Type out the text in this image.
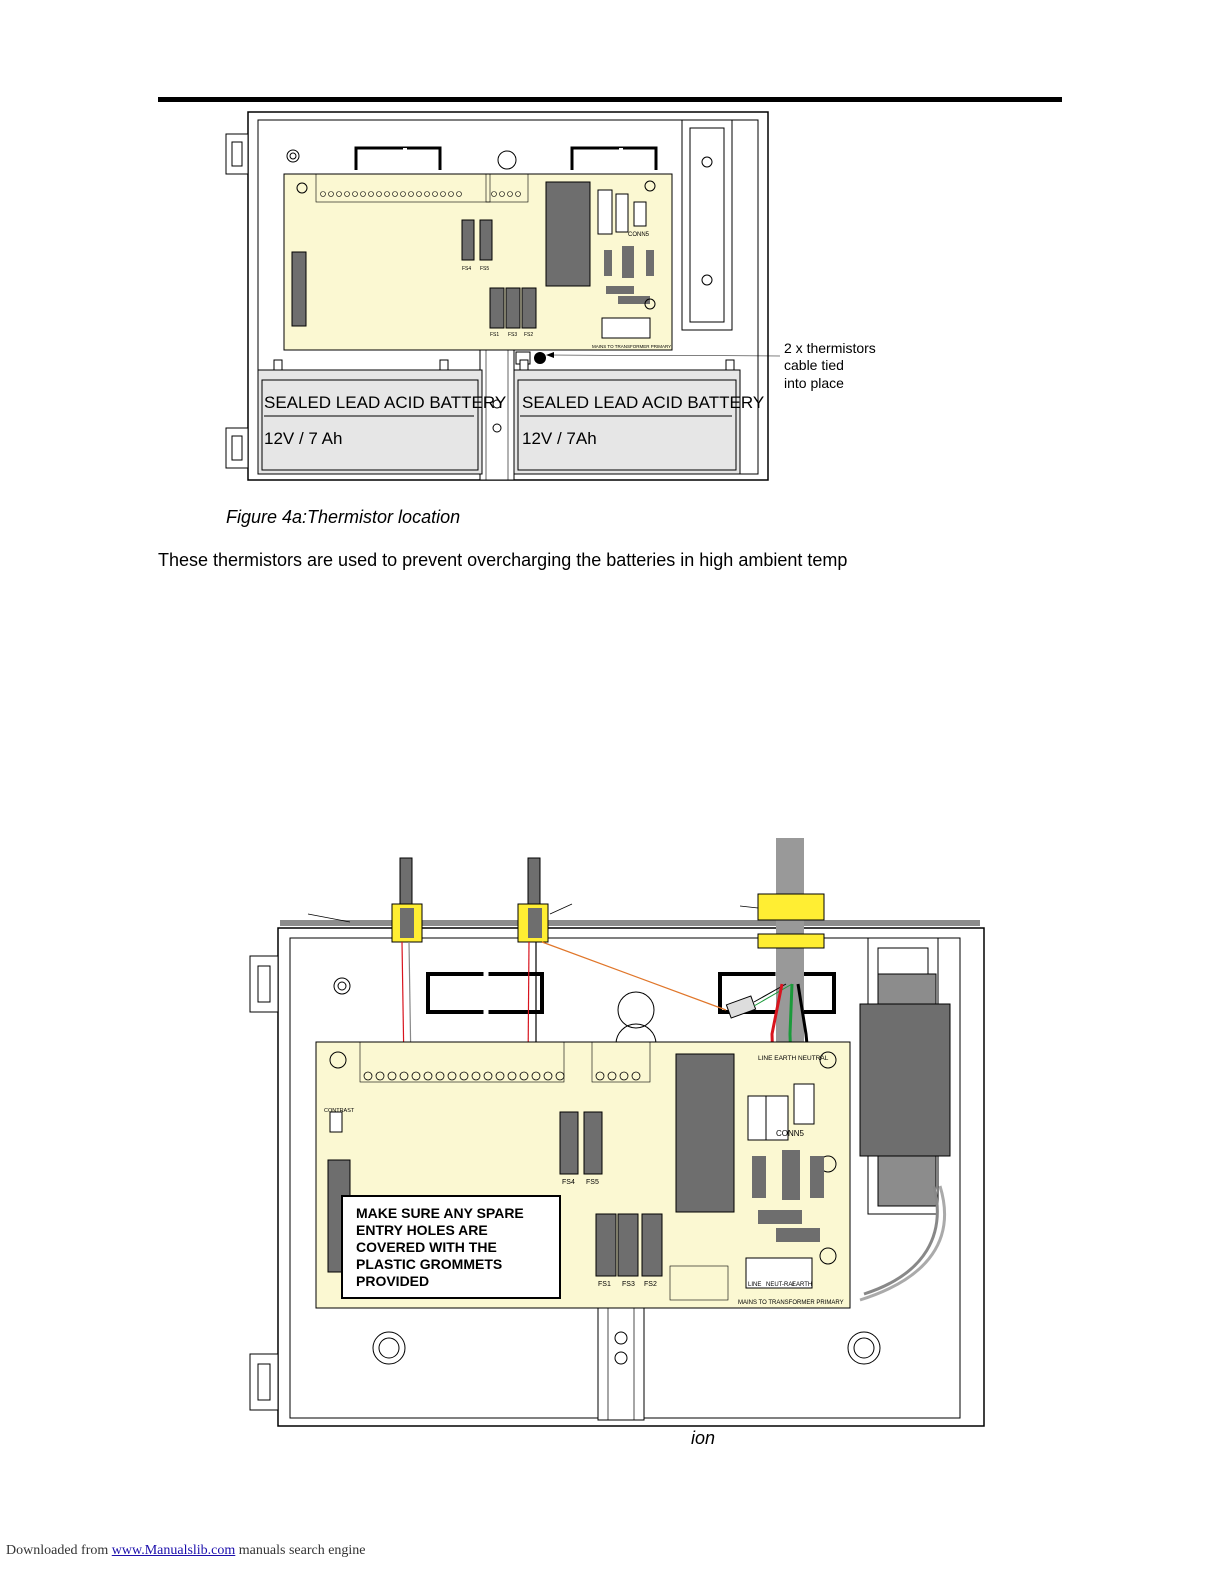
CONN5
FS1 FS3 FS2
FS4 FS5
MAINS TO TRANSFORMER PRIMARY
SEALED LEAD ACID BATTERY
12V / 7 Ah
SEALED LEAD ACID BATTERY
12V / 7Ah
2 x thermistors
cable tied
into place
Figure 4a:Thermistor location
These thermistors are used to prevent overcharging the batteries in high ambient temp
CONN5
LINE EARTH NEUTRAL
CONTRAST
FS1 FS3 FS2
FS4 FS5
LINE NEUT-RAL
EARTH
MAINS TO TRANSFORMER PRIMARY
MAKE SURE ANY SPARE
ENTRY HOLES ARE
COVERED WITH THE
PLASTIC GROMMETS
PROVIDED
ion
Downloaded from www.Manualslib.com manuals search engine
